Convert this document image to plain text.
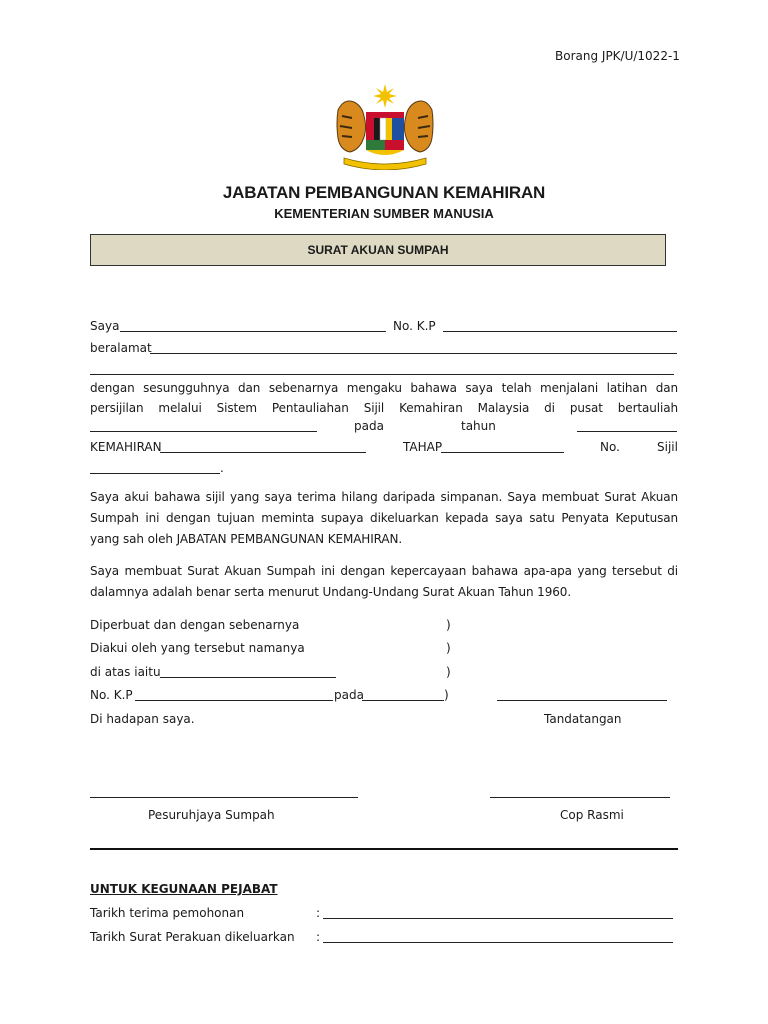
Borang JPK/U/1022-1
JABATAN PEMBANGUNAN KEMAHIRAN
KEMENTERIAN SUMBER MANUSIA
SURAT AKUAN SUMPAH
Saya	No. K.P
beralamat
dengan sesungguhnya dan sebenarnya mengaku bahawa saya telah menjalani latihan dan persijilan melalui Sistem Pentauliahan Sijil Kemahiran Malaysia di pusat bertauliah
pada	tahun
KEMAHIRAN	TAHAP	No.	Sijil
.
Saya akui bahawa sijil yang saya terima hilang daripada simpanan. Saya membuat Surat Akuan Sumpah ini dengan tujuan meminta supaya dikeluarkan kepada saya satu Penyata Keputusan yang sah oleh JABATAN PEMBANGUNAN KEMAHIRAN.
Saya membuat Surat Akuan Sumpah ini dengan kepercayaan bahawa apa-apa yang tersebut di dalamnya adalah benar serta menurut Undang-Undang Surat Akuan Tahun 1960.
Diperbuat dan dengan sebenarnya	)
Diakui oleh yang tersebut namanya	)
di atas iaitu	)
No. K.P	pada	)
Di hadapan saya.	Tandatangan
Pesuruhjaya Sumpah	Cop Rasmi
UNTUK KEGUNAAN PEJABAT
Tarikh terima pemohonan	:
Tarikh Surat Perakuan dikeluarkan :
